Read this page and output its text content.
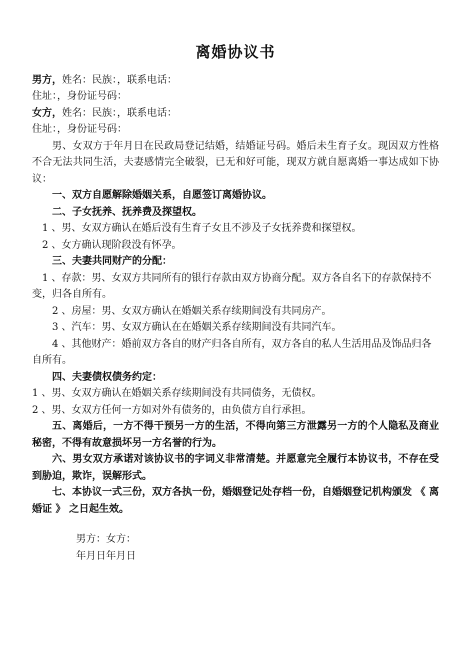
离婚协议书
男方，姓名：民族：，联系电话：
住址：，身份证号码：
女方，姓名：民族：，联系电话：
住址：，身份证号码：
男、女双方于年月日在民政局登记结婚，结婚证号码。婚后未生育子女。现因双方性格不合无法共同生活，夫妻感情完全破裂，已无和好可能，现双方就自愿离婚一事达成如下协议：
一、双方自愿解除婚姻关系，自愿签订离婚协议。
二、子女抚养、抚养费及探望权。
1 、男、女双方确认在婚后没有生育子女且不涉及子女抚养费和探望权。
2 、女方确认现阶段没有怀孕。
三、夫妻共同财产的分配：
1 、存款：男、女双方共同所有的银行存款由双方协商分配。双方各自名下的存款保持不变，归各自所有。
2 、房屋：男、女双方确认在婚姻关系存续期间没有共同房产。
3 、汽车：男、女双方确认在在婚姻关系存续期间没有共同汽车。
4 、其他财产：婚前双方各自的财产归各自所有，双方各自的私人生活用品及饰品归各自所有。
四、夫妻债权债务约定：
1 、男、女双方确认在婚姻关系存续期间没有共同债务，无债权。
2 、男、女双方任何一方如对外有债务的，由负债方自行承担。
五、离婚后，一方不得干预另一方的生活，不得向第三方泄露另一方的个人隐私及商业秘密，不得有故意损坏另一方名誉的行为。
六、男女双方承诺对该协议书的字词义非常清楚。并愿意完全履行本协议书，不存在受到胁迫，欺诈，误解形式。
七、本协议一式三份，双方各执一份，婚姻登记处存档一份，自婚姻登记机构颁发 《 离婚证 》 之日起生效。
男方：女方：
年月日年月日
